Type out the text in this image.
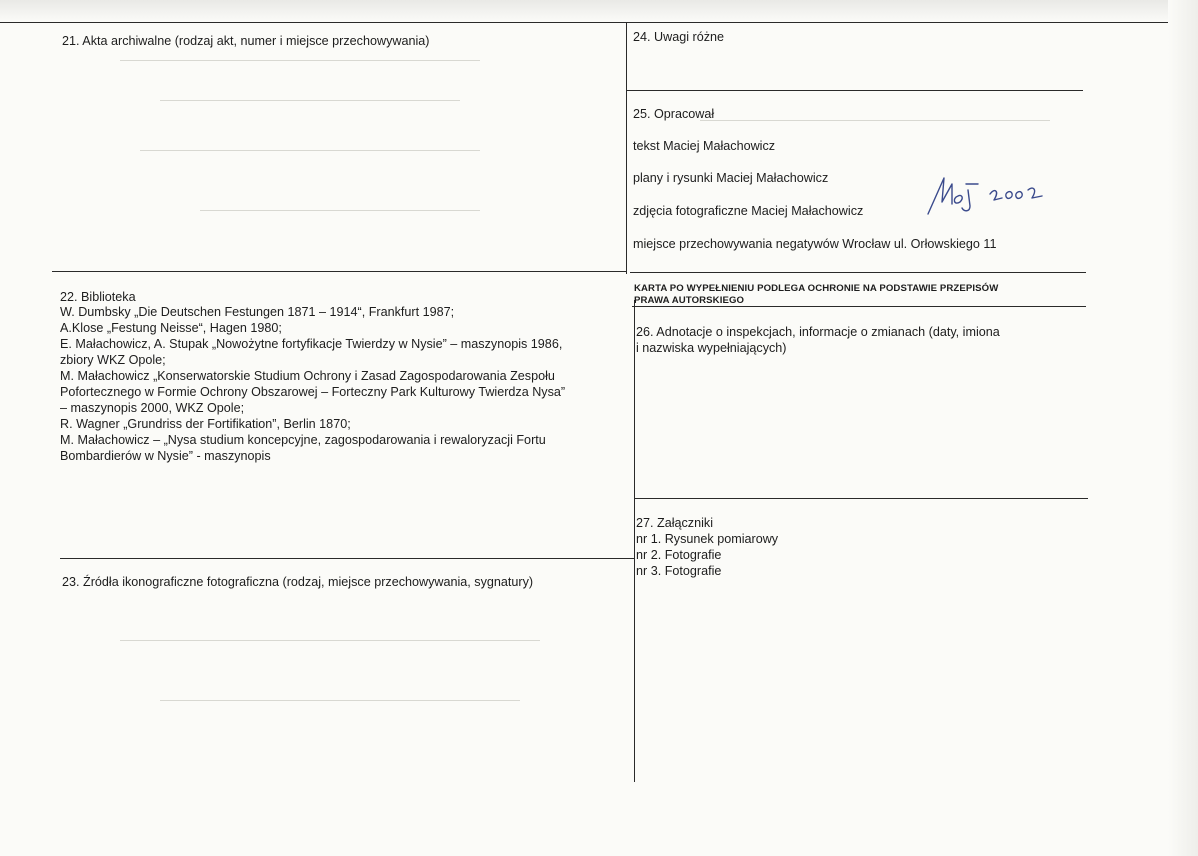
21. Akta archiwalne (rodzaj akt, numer i miejsce przechowywania)
22. Biblioteka
W. Dumbsky „Die Deutschen Festungen 1871 – 1914“, Frankfurt 1987;
A.Klose „Festung Neisse“, Hagen 1980;
E. Małachowicz, A. Stupak „Nowożytne fortyfikacje Twierdzy w Nysie” – maszynopis 1986,
zbiory WKZ Opole;
M. Małachowicz „Konserwatorskie Studium Ochrony i Zasad Zagospodarowania Zespołu
Pofortecznego w Formie Ochrony Obszarowej – Forteczny Park Kulturowy Twierdza Nysa”
– maszynopis 2000, WKZ Opole;
R. Wagner „Grundriss der Fortifikation”, Berlin 1870;
M. Małachowicz – „Nysa studium koncepcyjne, zagospodarowania i rewaloryzacji Fortu
Bombardierów w Nysie” - maszynopis
23. Źródła ikonograficzne fotograficzna (rodzaj, miejsce przechowywania, sygnatury)
24. Uwagi różne
25. Opracował
tekst Maciej Małachowicz
plany i rysunki Maciej Małachowicz
zdjęcia fotograficzne Maciej Małachowicz
miejsce przechowywania negatywów Wrocław ul. Orłowskiego 11
KARTA PO WYPEŁNIENIU PODLEGA OCHRONIE NA PODSTAWIE PRZEPISÓW
PRAWA AUTORSKIEGO
26. Adnotacje o inspekcjach, informacje o zmianach (daty, imiona
i nazwiska wypełniających)
27. Załączniki
nr 1. Rysunek pomiarowy
nr 2. Fotografie
nr 3. Fotografie
